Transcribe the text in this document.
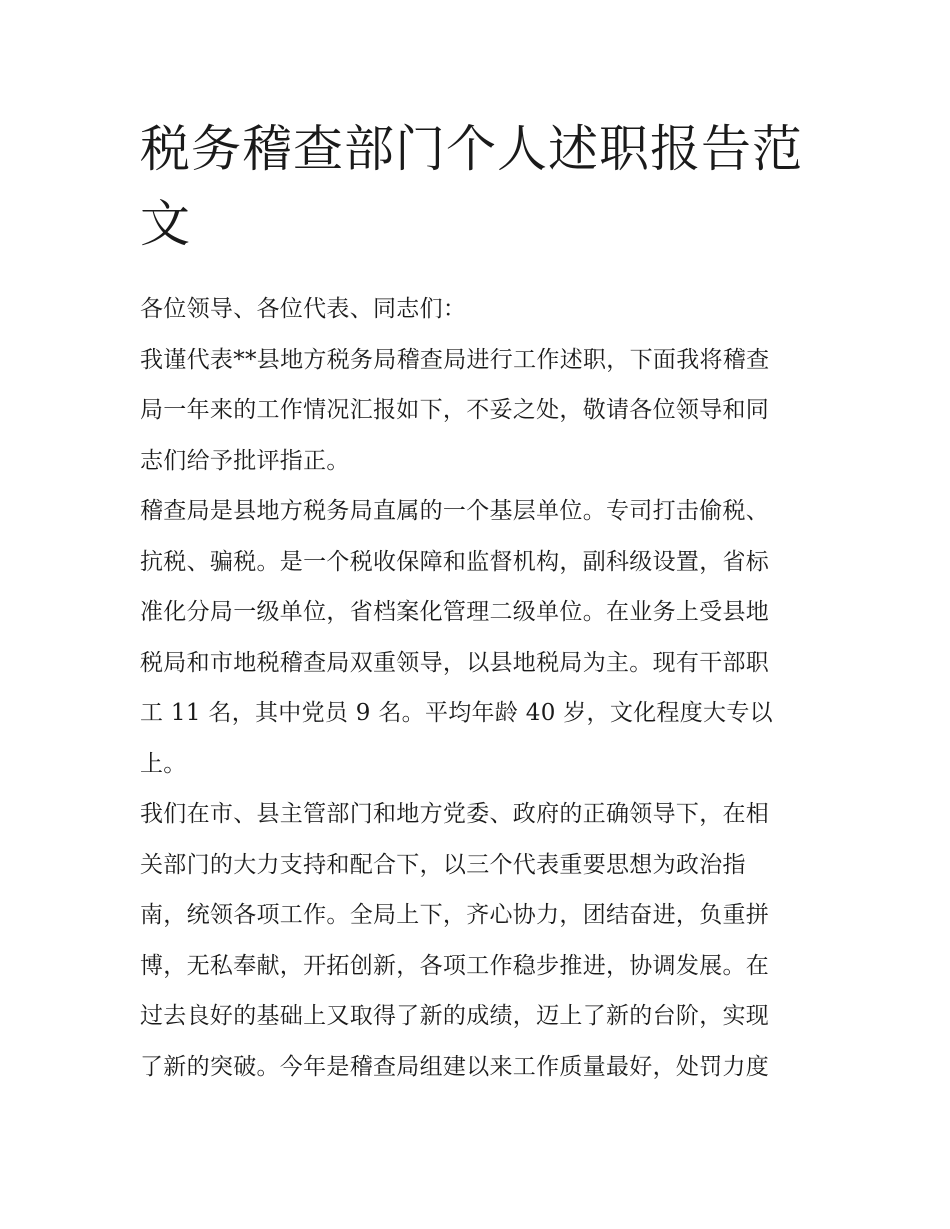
税务稽查部门个人述职报告范
文

各位领导、各位代表、同志们：

我谨代表**县地方税务局稽查局进行工作述职，下面我将稽查
局一年来的工作情况汇报如下，不妥之处，敬请各位领导和同
志们给予批评指正。

稽查局是县地方税务局直属的一个基层单位。专司打击偷税、
抗税、骗税。是一个税收保障和监督机构，副科级设置，省标
准化分局一级单位，省档案化管理二级单位。在业务上受县地
税局和市地税稽查局双重领导，以县地税局为主。现有干部职
工 11 名，其中党员 9 名。平均年龄 40 岁，文化程度大专以
上。

我们在市、县主管部门和地方党委、政府的正确领导下，在相
关部门的大力支持和配合下，以三个代表重要思想为政治指
南，统领各项工作。全局上下，齐心协力，团结奋进，负重拼
博，无私奉献，开拓创新，各项工作稳步推进，协调发展。在
过去良好的基础上又取得了新的成绩，迈上了新的台阶，实现
了新的突破。今年是稽查局组建以来工作质量最好，处罚力度
